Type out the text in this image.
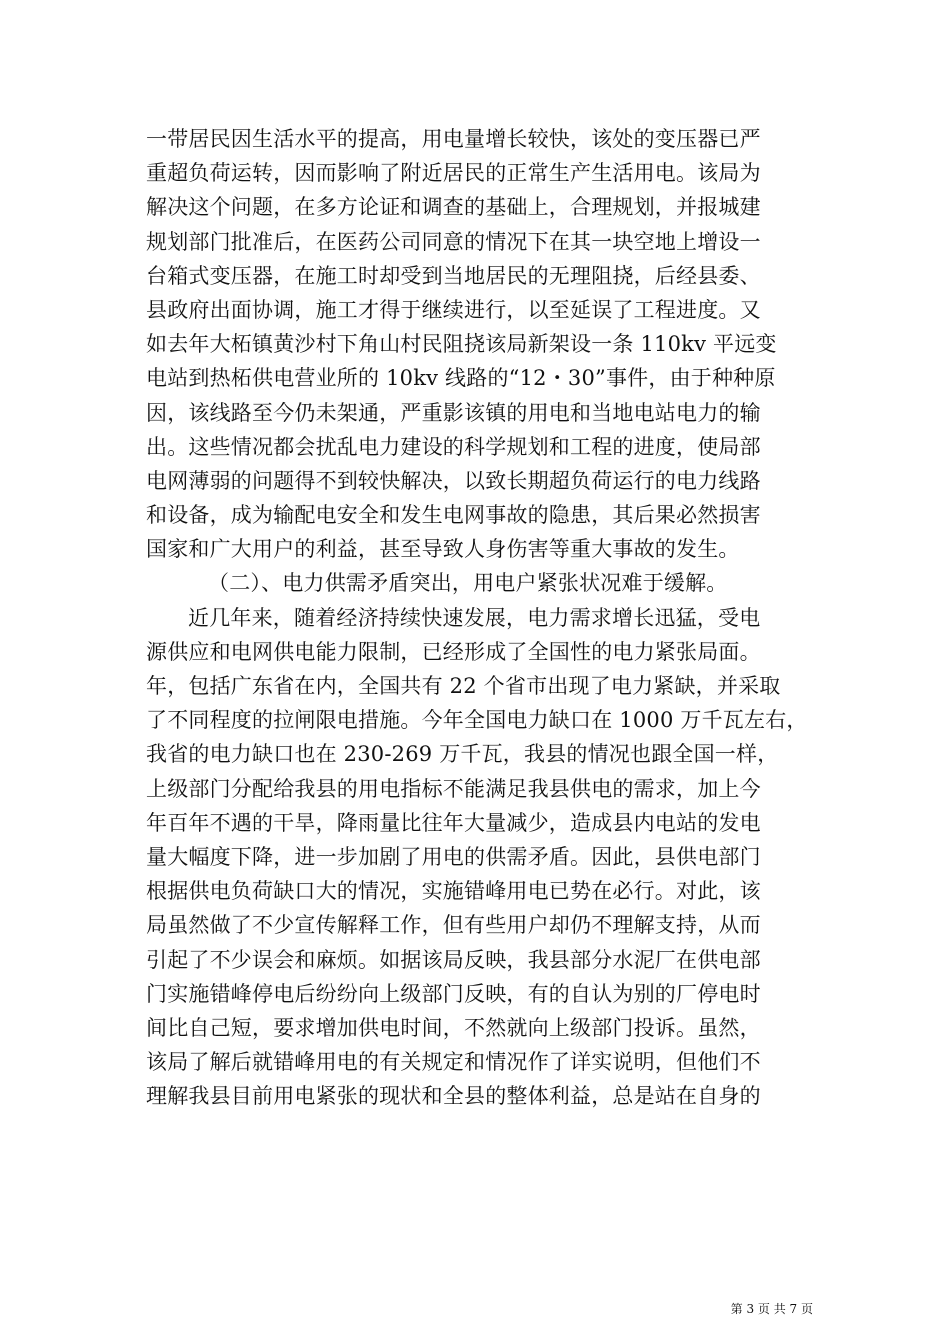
一带居民因生活水平的提高，用电量增长较快，该处的变压器已严
重超负荷运转，因而影响了附近居民的正常生产生活用电。该局为
解决这个问题，在多方论证和调查的基础上，合理规划，并报城建
规划部门批准后，在医药公司同意的情况下在其一块空地上增设一
台箱式变压器，在施工时却受到当地居民的无理阻挠，后经县委、
县政府出面协调，施工才得于继续进行，以至延误了工程进度。又
如去年大柘镇黄沙村下角山村民阻挠该局新架设一条 110kv 平远变
电站到热柘供电营业所的 10kv 线路的“12・30”事件，由于种种原
因，该线路至今仍未架通，严重影该镇的用电和当地电站电力的输
出。这些情况都会扰乱电力建设的科学规划和工程的进度，使局部
电网薄弱的问题得不到较快解决，以致长期超负荷运行的电力线路
和设备，成为输配电安全和发生电网事故的隐患，其后果必然损害
国家和广大用户的利益，甚至导致人身伤害等重大事故的发生。
（二）、电力供需矛盾突出，用电户紧张状况难于缓解。
近几年来，随着经济持续快速发展，电力需求增长迅猛，受电
源供应和电网供电能力限制，已经形成了全国性的电力紧张局面。
年，包括广东省在内，全国共有 22 个省市出现了电力紧缺，并采取
了不同程度的拉闸限电措施。今年全国电力缺口在 1000 万千瓦左右，
我省的电力缺口也在 230-269 万千瓦，我县的情况也跟全国一样，
上级部门分配给我县的用电指标不能满足我县供电的需求，加上今
年百年不遇的干旱，降雨量比往年大量减少，造成县内电站的发电
量大幅度下降，进一步加剧了用电的供需矛盾。因此，县供电部门
根据供电负荷缺口大的情况，实施错峰用电已势在必行。对此，该
局虽然做了不少宣传解释工作，但有些用户却仍不理解支持，从而
引起了不少误会和麻烦。如据该局反映，我县部分水泥厂在供电部
门实施错峰停电后纷纷向上级部门反映，有的自认为别的厂停电时
间比自己短，要求增加供电时间，不然就向上级部门投诉。虽然，
该局了解后就错峰用电的有关规定和情况作了详实说明，但他们不
理解我县目前用电紧张的现状和全县的整体利益，总是站在自身的
第 3 页 共 7 页
